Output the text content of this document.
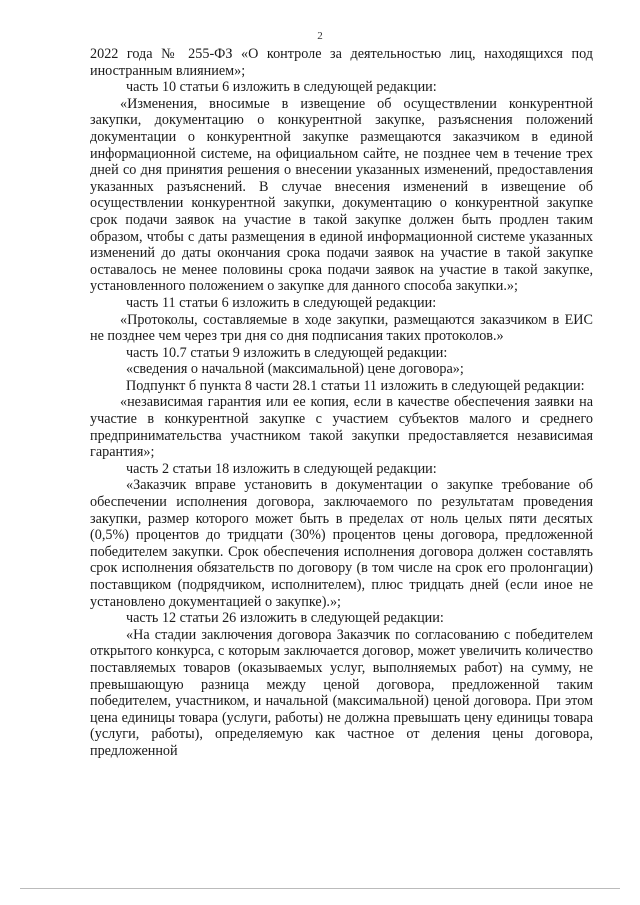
2

2022 года № 255-ФЗ «О контроле за деятельностью лиц, находящихся под иностранным влиянием»;

часть 10 статьи 6 изложить в следующей редакции:

«Изменения, вносимые в извещение об осуществлении конкурентной закупки, документацию о конкурентной закупке, разъяснения положений документации о конкурентной закупке размещаются заказчиком в единой информационной системе, на официальном сайте, не позднее чем в течение трех дней со дня принятия решения о внесении указанных изменений, предоставления указанных разъяснений. В случае внесения изменений в извещение об осуществлении конкурентной закупки, документацию о конкурентной закупке срок подачи заявок на участие в такой закупке должен быть продлен таким образом, чтобы с даты размещения в единой информационной системе указанных изменений до даты окончания срока подачи заявок на участие в такой закупке оставалось не менее половины срока подачи заявок на участие в такой закупке, установленного положением о закупке для данного способа закупки.»;

часть 11 статьи 6 изложить в следующей редакции:

«Протоколы, составляемые в ходе закупки, размещаются заказчиком в ЕИС не позднее чем через три дня со дня подписания таких протоколов.»

часть 10.7 статьи 9 изложить в следующей редакции:

«сведения о начальной (максимальной) цене договора»;

Подпункт б пункта 8 части 28.1 статьи 11 изложить в следующей редакции:

«независимая гарантия или ее копия, если в качестве обеспечения заявки на участие в конкурентной закупке с участием субъектов малого и среднего предпринимательства участником такой закупки предоставляется независимая гарантия»;

часть 2 статьи 18 изложить в следующей редакции:

«Заказчик вправе установить в документации о закупке требование об обеспечении исполнения договора, заключаемого по результатам проведения закупки, размер которого может быть в пределах от ноль целых пяти десятых (0,5%) процентов до тридцати (30%) процентов цены договора, предложенной победителем закупки. Срок обеспечения исполнения договора должен составлять срок исполнения обязательств по договору (в том числе на срок его пролонгации) поставщиком (подрядчиком, исполнителем), плюс тридцать дней (если иное не установлено документацией о закупке).»;

часть 12 статьи 26 изложить в следующей редакции:

«На стадии заключения договора Заказчик по согласованию с победителем открытого конкурса, с которым заключается договор, может увеличить количество поставляемых товаров (оказываемых услуг, выполняемых работ) на сумму, не превышающую разница между ценой договора, предложенной таким победителем, участником, и начальной (максимальной) ценой договора. При этом цена единицы товара (услуги, работы) не должна превышать цену единицы товара (услуги, работы), определяемую как частное от деления цены договора, предложенной
